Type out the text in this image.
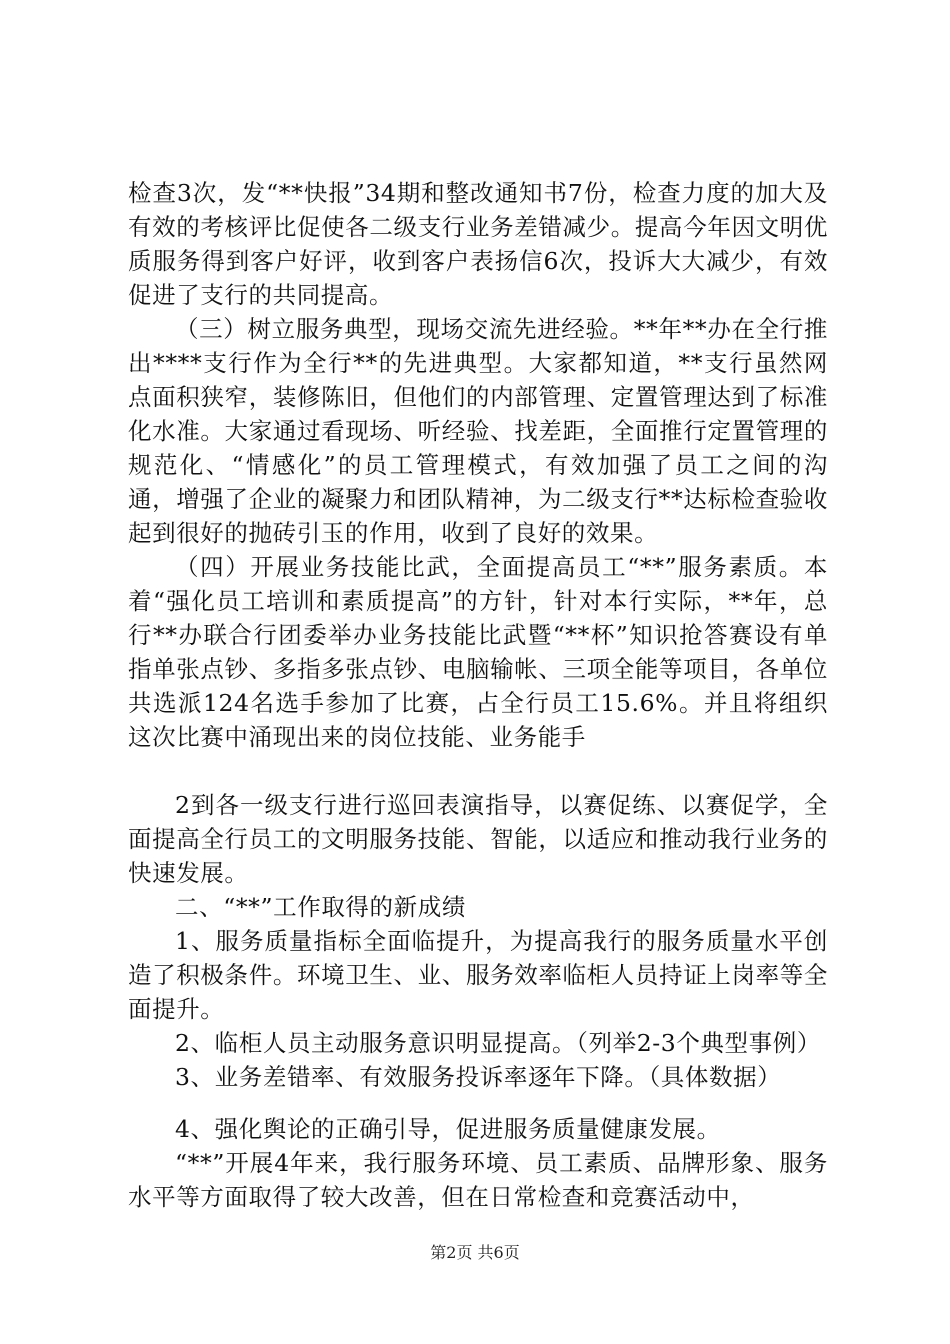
检查3次，发“**快报”34期和整改通知书7份，检查力度的加大及有效的考核评比促使各二级支行业务差错减少。提高今年因文明优质服务得到客户好评，收到客户表扬信6次，投诉大大减少，有效促进了支行的共同提高。

（三）树立服务典型，现场交流先进经验。**年**办在全行推出****支行作为全行**的先进典型。大家都知道，**支行虽然网点面积狭窄，装修陈旧，但他们的内部管理、定置管理达到了标准化水准。大家通过看现场、听经验、找差距，全面推行定置管理的规范化、“情感化”的员工管理模式，有效加强了员工之间的沟通，增强了企业的凝聚力和团队精神，为二级支行**达标检查验收起到很好的抛砖引玉的作用，收到了良好的效果。

（四）开展业务技能比武，全面提高员工“**”服务素质。本着“强化员工培训和素质提高”的方针，针对本行实际，**年，总行**办联合行团委举办业务技能比武暨“**杯”知识抢答赛设有单指单张点钞、多指多张点钞、电脑输帐、三项全能等项目，各单位共选派124名选手参加了比赛，占全行员工15.6%。并且将组织这次比赛中涌现出来的岗位技能、业务能手

2到各一级支行进行巡回表演指导，以赛促练、以赛促学，全面提高全行员工的文明服务技能、智能，以适应和推动我行业务的快速发展。

二、“**”工作取得的新成绩

1、服务质量指标全面临提升，为提高我行的服务质量水平创造了积极条件。环境卫生、业、服务效率临柜人员持证上岗率等全面提升。

2、临柜人员主动服务意识明显提高。（列举2-3个典型事例）

3、业务差错率、有效服务投诉率逐年下降。（具体数据）

4、强化舆论的正确引导，促进服务质量健康发展。

“**”开展4年来，我行服务环境、员工素质、品牌形象、服务水平等方面取得了较大改善，但在日常检查和竞赛活动中，

第2页 共6页
